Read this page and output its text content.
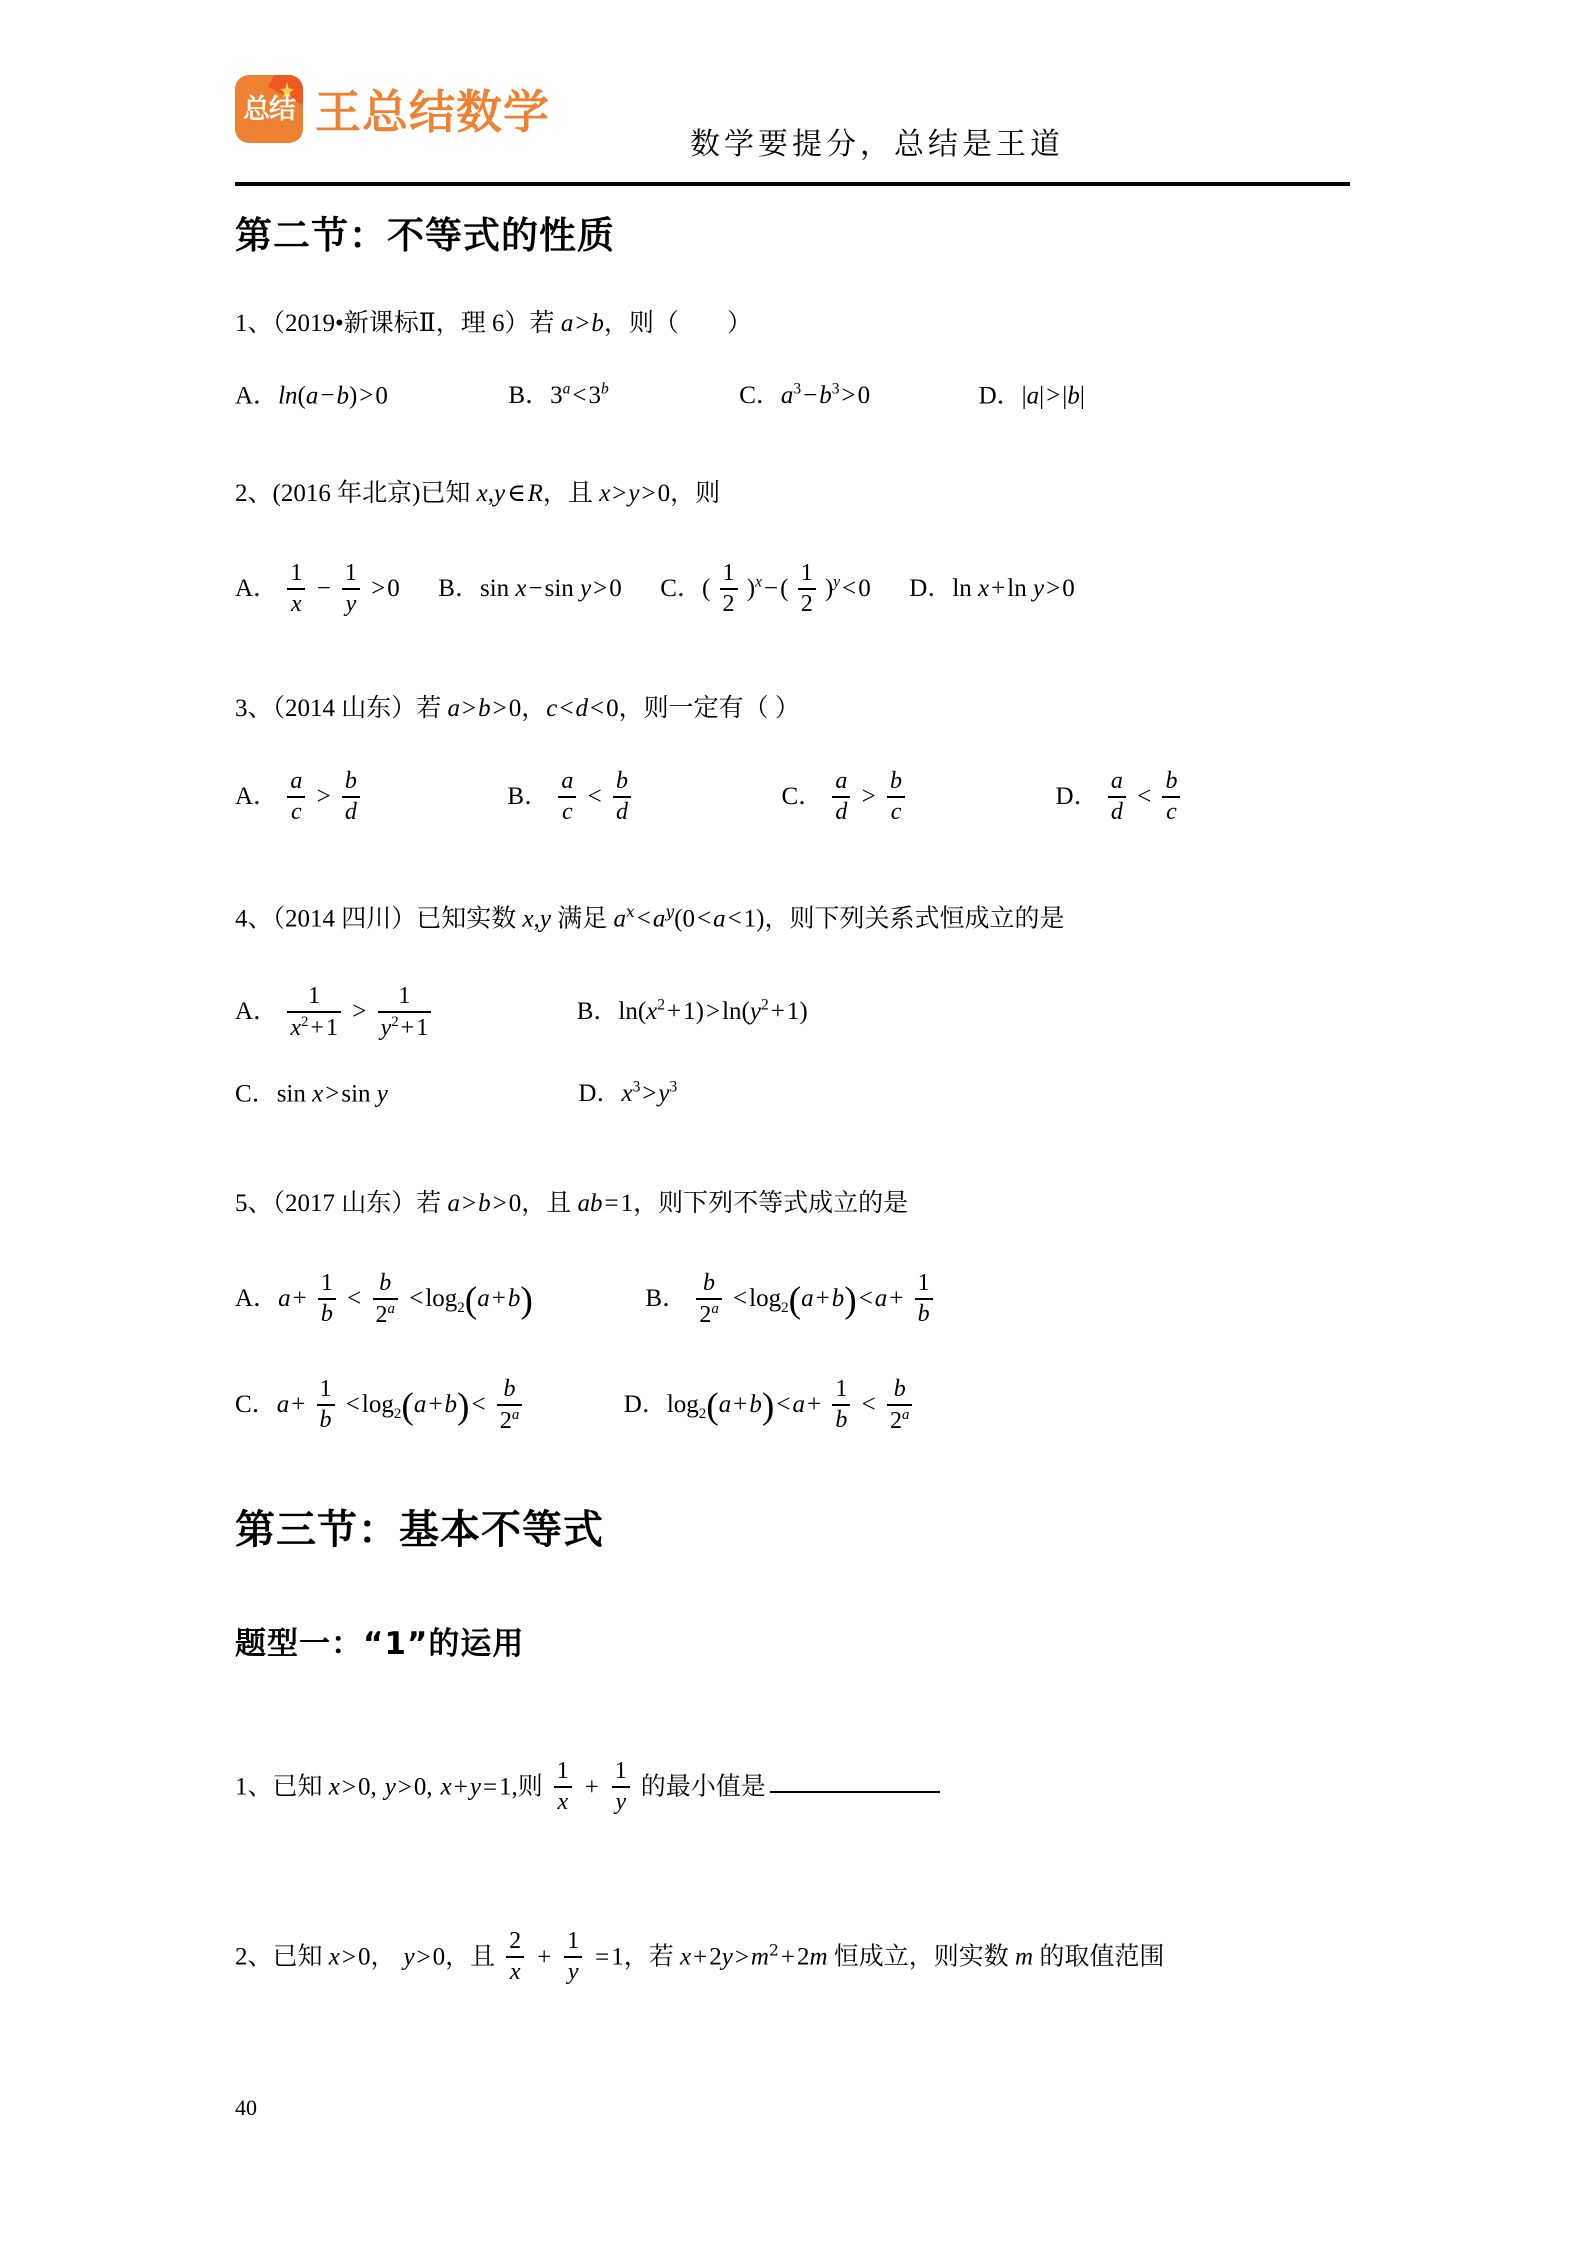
总结 王总结数学
数学要提分，总结是王道
第二节：不等式的性质
1、（2019•新课标Ⅱ，理 6）若 a>b，则（ ）
A．ln(a−b)>0	B．$3^a<3^b$	C．$a^3-b^3>0$	D．|a|>|b|
2、(2016 年北京)已知 x,y∈R，且 x>y>0，则
A． $\frac{1}{x} - \frac{1}{y} >0$ B．sin x−sin y>0 C．( $\frac{1}{2} )^x-( \frac{1}{2} )^y<0$ D．ln x+ln y>0
3、（2014 山东）若 a>b>0，c<d<0，则一定有（ ）
A． $\frac{a}{c} > \frac{b}{d}$	B． $\frac{a}{c} < \frac{b}{d}$	C． $\frac{a}{d} > \frac{b}{c}$	D． $\frac{a}{d} < \frac{b}{c}$
4、（2014 四川）已知实数 x,y 满足 $a^x<a^y(0<a<1)$，则下列关系式恒成立的是
A． $\frac{1}{x^2+1} > \frac{1}{y^2+1}$	B．$\ln(x^2+1)>\ln(y^2+1)$
C．sin x>sin y	D．$x^3>y^3$
5、（2017 山东）若 a>b>0，且 ab=1，则下列不等式成立的是
A．$a+ \frac{1}{b} < \frac{b}{2^a} <\log_2(a+b)$	B． $\frac{b}{2^a} <\log_2(a+b)<a+ \frac{1}{b}$
C．$a+ \frac{1}{b} <\log_2(a+b)< \frac{b}{2^a}$	D．$\log_2(a+b)<a+ \frac{1}{b} < \frac{b}{2^a}$
第三节：基本不等式
题型一：“1”的运用
1、已知 x>0, y>0, x+y=1,则 $\frac{1}{x} + \frac{1}{y}$ 的最小值是
2、已知 x>0， y>0，且 $\frac{2}{x} + \frac{1}{y} =1$，若 $x+2y>m^2+2m$ 恒成立，则实数 m 的取值范围
40
